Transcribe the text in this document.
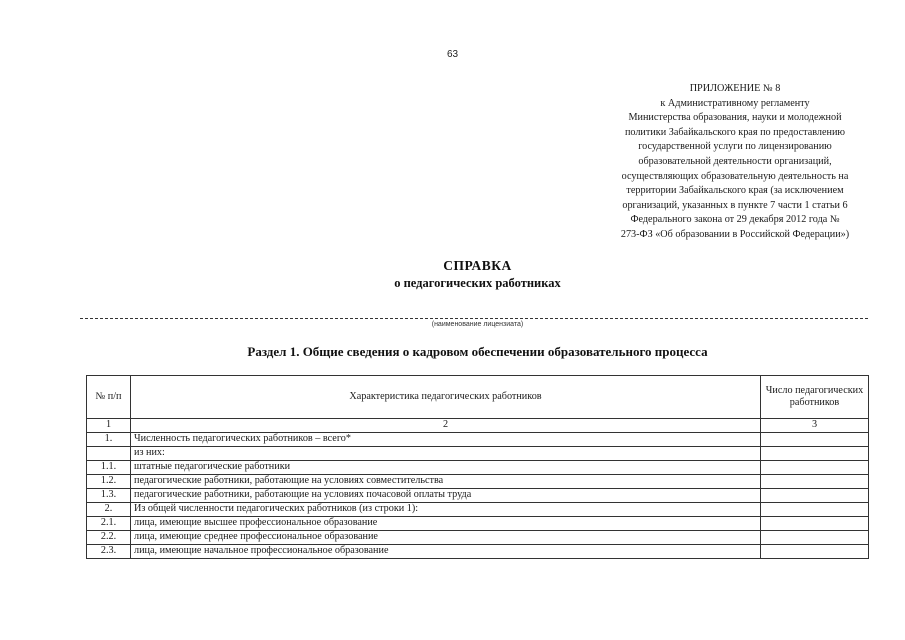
63
ПРИЛОЖЕНИЕ № 8
к Административному регламенту
Министерства образования, науки и молодежной
политики Забайкальского края по предоставлению
государственной услуги по лицензированию
образовательной деятельности организаций,
осуществляющих образовательную деятельность на
территории Забайкальского края (за исключением
организаций, указанных в пункте 7 части 1 статьи 6
Федерального закона от 29 декабря 2012 года №
273-ФЗ «Об образовании в Российской Федерации»)
СПРАВКА
о педагогических работниках
(наименование лицензиата)
Раздел 1. Общие сведения о кадровом обеспечении образовательного процесса
№ п/п	Характеристика педагогических работников	Число педагогических работников
1	2	3
1.	Численность педагогических работников – всего*	
	из них:	
1.1.	штатные педагогические работники	
1.2.	педагогические работники, работающие на условиях совместительства	
1.3.	педагогические работники, работающие на условиях почасовой оплаты труда	
2.	Из общей численности педагогических работников (из строки 1):	
2.1.	лица, имеющие высшее профессиональное образование	
2.2.	лица, имеющие среднее профессиональное образование	
2.3.	лица, имеющие начальное профессиональное образование	
